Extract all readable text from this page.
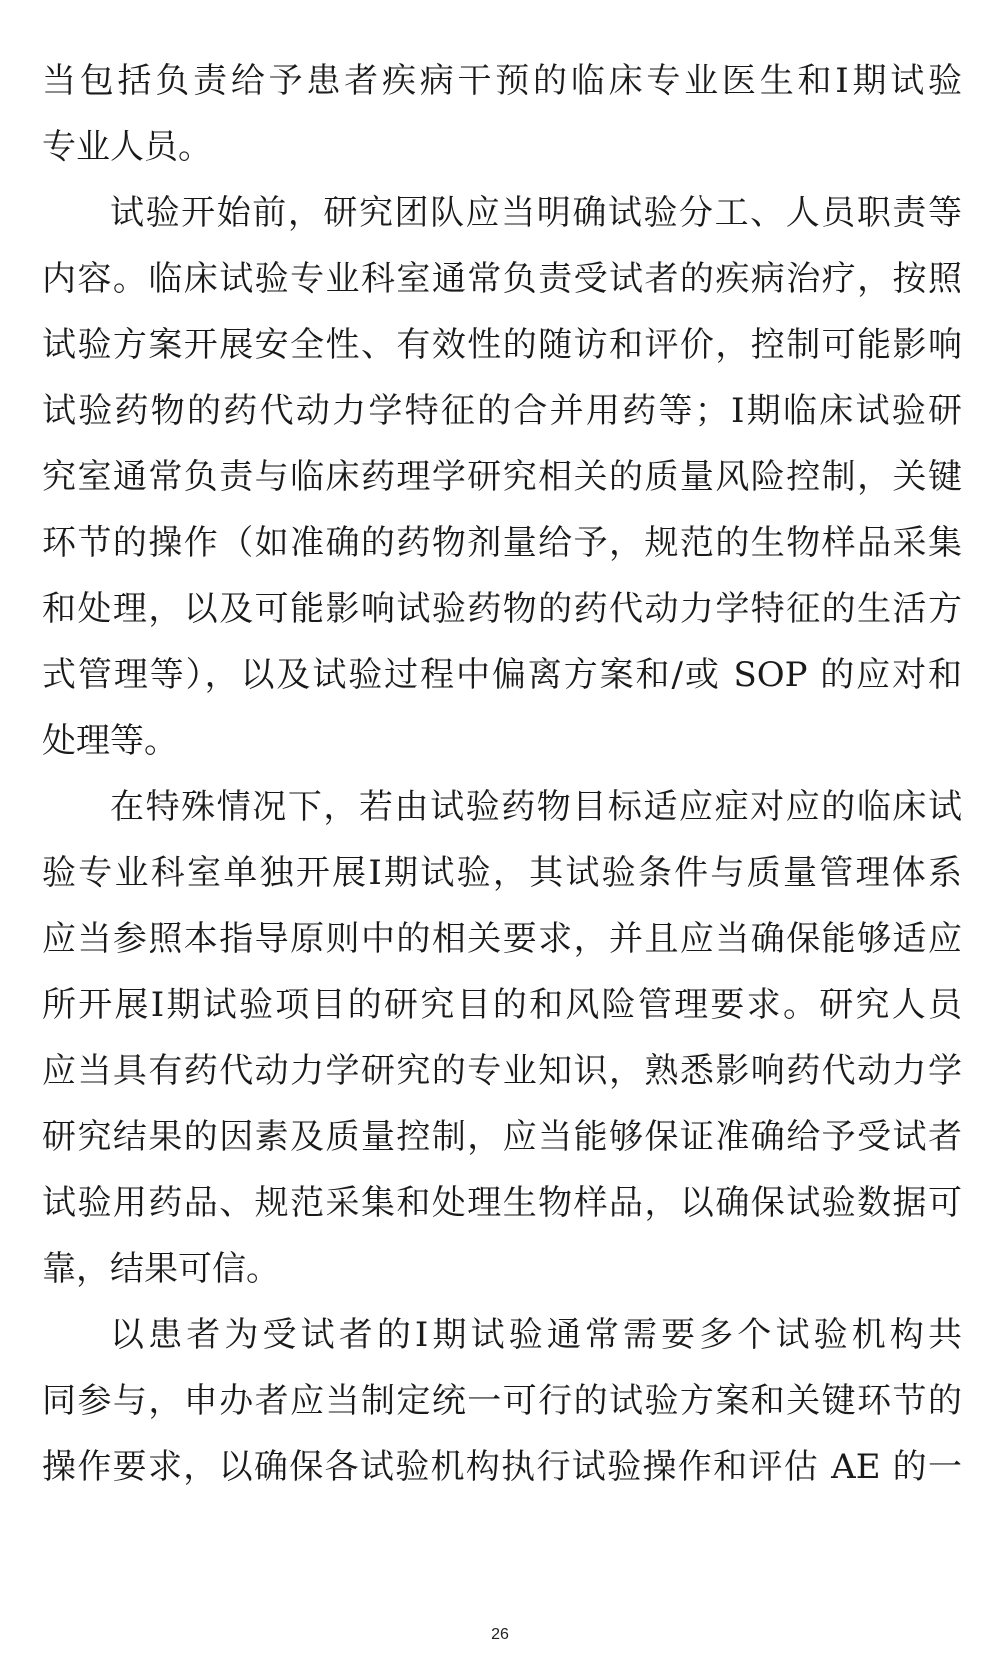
当包括负责给予患者疾病干预的临床专业医生和Ⅰ期试验
专业人员。
试验开始前，研究团队应当明确试验分工、人员职责等
内容。临床试验专业科室通常负责受试者的疾病治疗，按照
试验方案开展安全性、有效性的随访和评价，控制可能影响
试验药物的药代动力学特征的合并用药等；Ⅰ期临床试验研
究室通常负责与临床药理学研究相关的质量风险控制，关键
环节的操作（如准确的药物剂量给予，规范的生物样品采集
和处理，以及可能影响试验药物的药代动力学特征的生活方
式管理等），以及试验过程中偏离方案和/或 SOP 的应对和
处理等。
在特殊情况下，若由试验药物目标适应症对应的临床试
验专业科室单独开展Ⅰ期试验，其试验条件与质量管理体系
应当参照本指导原则中的相关要求，并且应当确保能够适应
所开展Ⅰ期试验项目的研究目的和风险管理要求。研究人员
应当具有药代动力学研究的专业知识，熟悉影响药代动力学
研究结果的因素及质量控制，应当能够保证准确给予受试者
试验用药品、规范采集和处理生物样品，以确保试验数据可
靠，结果可信。
以患者为受试者的Ⅰ期试验通常需要多个试验机构共
同参与，申办者应当制定统一可行的试验方案和关键环节的
操作要求，以确保各试验机构执行试验操作和评估 AE 的一
26
